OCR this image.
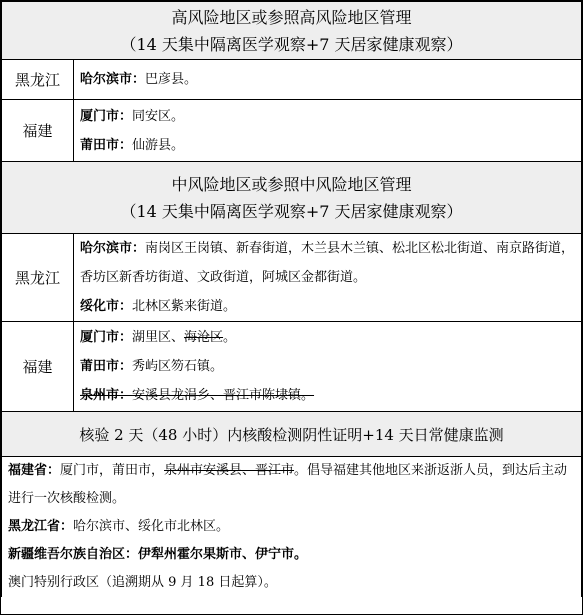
高风险地区或参照高风险地区管理
（14 天集中隔离医学观察+7 天居家健康观察）	

黑龙江	哈尔滨市：巴彦县。
福建	厦门市：同安区。
莆田市：仙游县。

中风险地区或参照中风险地区管理
（14 天集中隔离医学观察+7 天居家健康观察）	

黑龙江	哈尔滨市：南岗区王岗镇、新春街道，木兰县木兰镇、松北区松北街道、南京路街道，香坊区新香坊街道、文政街道，阿城区金都街道。
绥化市：北林区紫来街道。

福建	厦门市：湖里区、海沧区。
莆田市：秀屿区笏石镇。
泉州市：安溪县龙涓乡、晋江市陈埭镇。

核验 2 天（48 小时）内核酸检测阴性证明+14 天日常健康监测	

福建省：厦门市，莆田市，泉州市安溪县、晋江市。倡导福建其他地区来浙返浙人员，到达后主动进行一次核酸检测。
黑龙江省：哈尔滨市、绥化市北林区。
新疆维吾尔族自治区：伊犁州霍尔果斯市、伊宁市。
澳门特别行政区（追溯期从 9 月 18 日起算）。	
